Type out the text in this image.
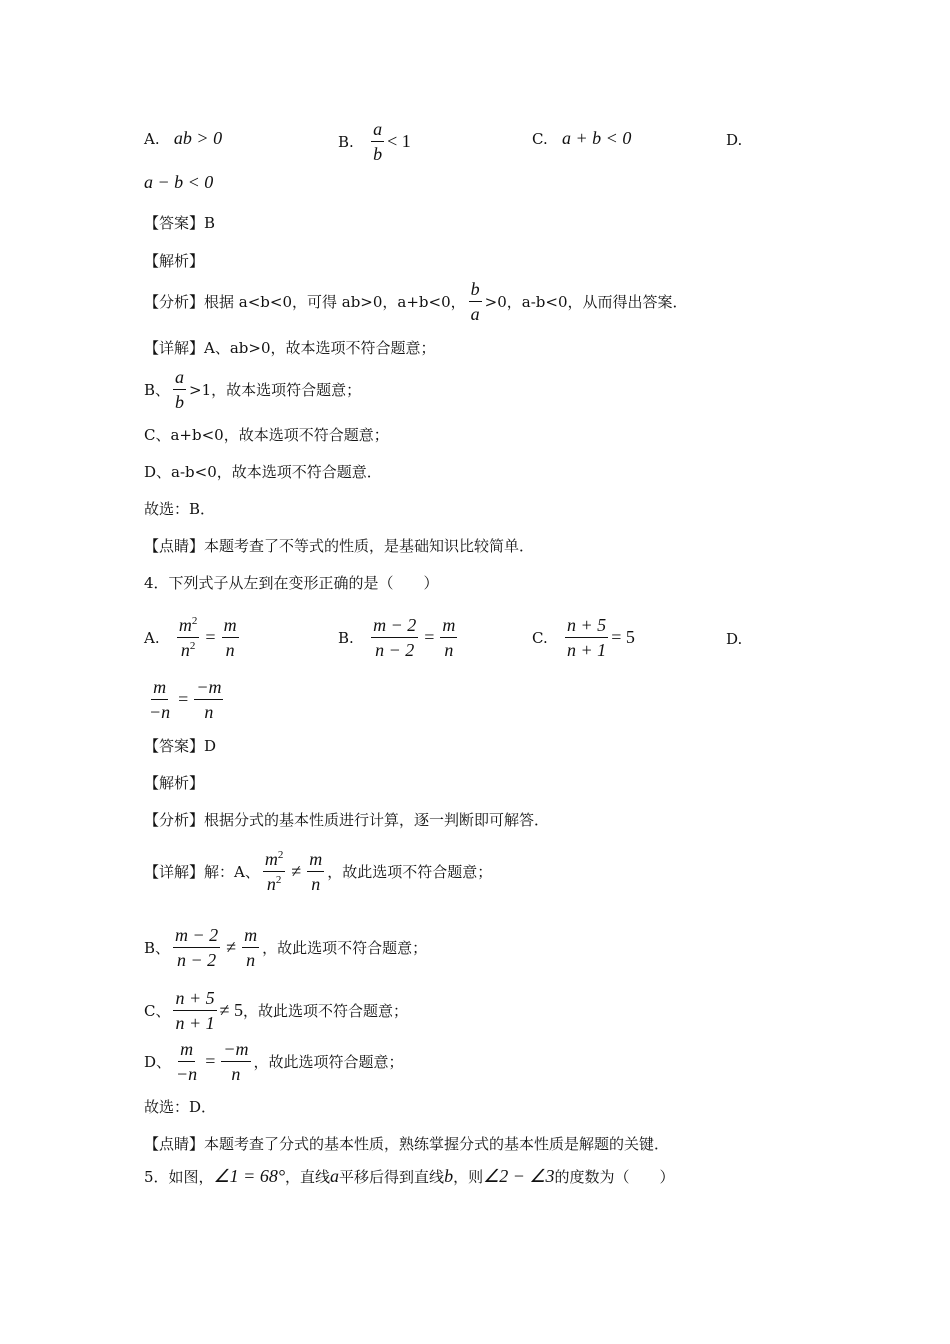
A.
ab > 0	B.
$\frac{a}{b} < 1$	C.
a + b < 0	D.
a − b < 0
【答案】B
【解析】
【分析】根据 a<b<0，可得 ab>0，a+b<0， $\frac{b}{a} >0$，a-b<0，从而得出答案．
【详解】A、ab>0，故本选项不符合题意；
B、 $\frac{a}{b} >1$，故本选项符合题意；
C、a+b<0，故本选项不符合题意；
D、a-b<0，故本选项不符合题意．
故选：B．
【点睛】本题考查了不等式的性质，是基础知识比较简单．
4．下列式子从左到在变形正确的是（　　）
A.
$\frac{m^2}{n^2} = \frac{m}{n}$	B.
$\frac{m - 2}{n - 2} = \frac{m}{n}$	C.
$\frac{n + 5}{n + 1} = 5$	D.
$\frac{m}{-n} = \frac{-m}{n}$
【答案】D
【解析】
【分析】根据分式的基本性质进行计算，逐一判断即可解答．
【详解】解：A、 $\frac{m^2}{n^2} \ne \frac{m}{n}$ ，故此选项不符合题意；
B、 $\frac{m - 2}{n - 2} \ne \frac{m}{n}$ ，故此选项不符合题意；
C、 $\frac{n + 5}{n + 1} \ne 5$ ，故此选项不符合题意；
D、 $\frac{m}{-n} = \frac{-m}{n}$ ，故此选项符合题意；
故选：D．
【点睛】本题考查了分式的基本性质，熟练掌握分式的基本性质是解题的关键．
5．如图， ∠1 = 68° ，直线 a 平移后得到直线 b ，则 ∠2 − ∠3 的度数为（　　）
